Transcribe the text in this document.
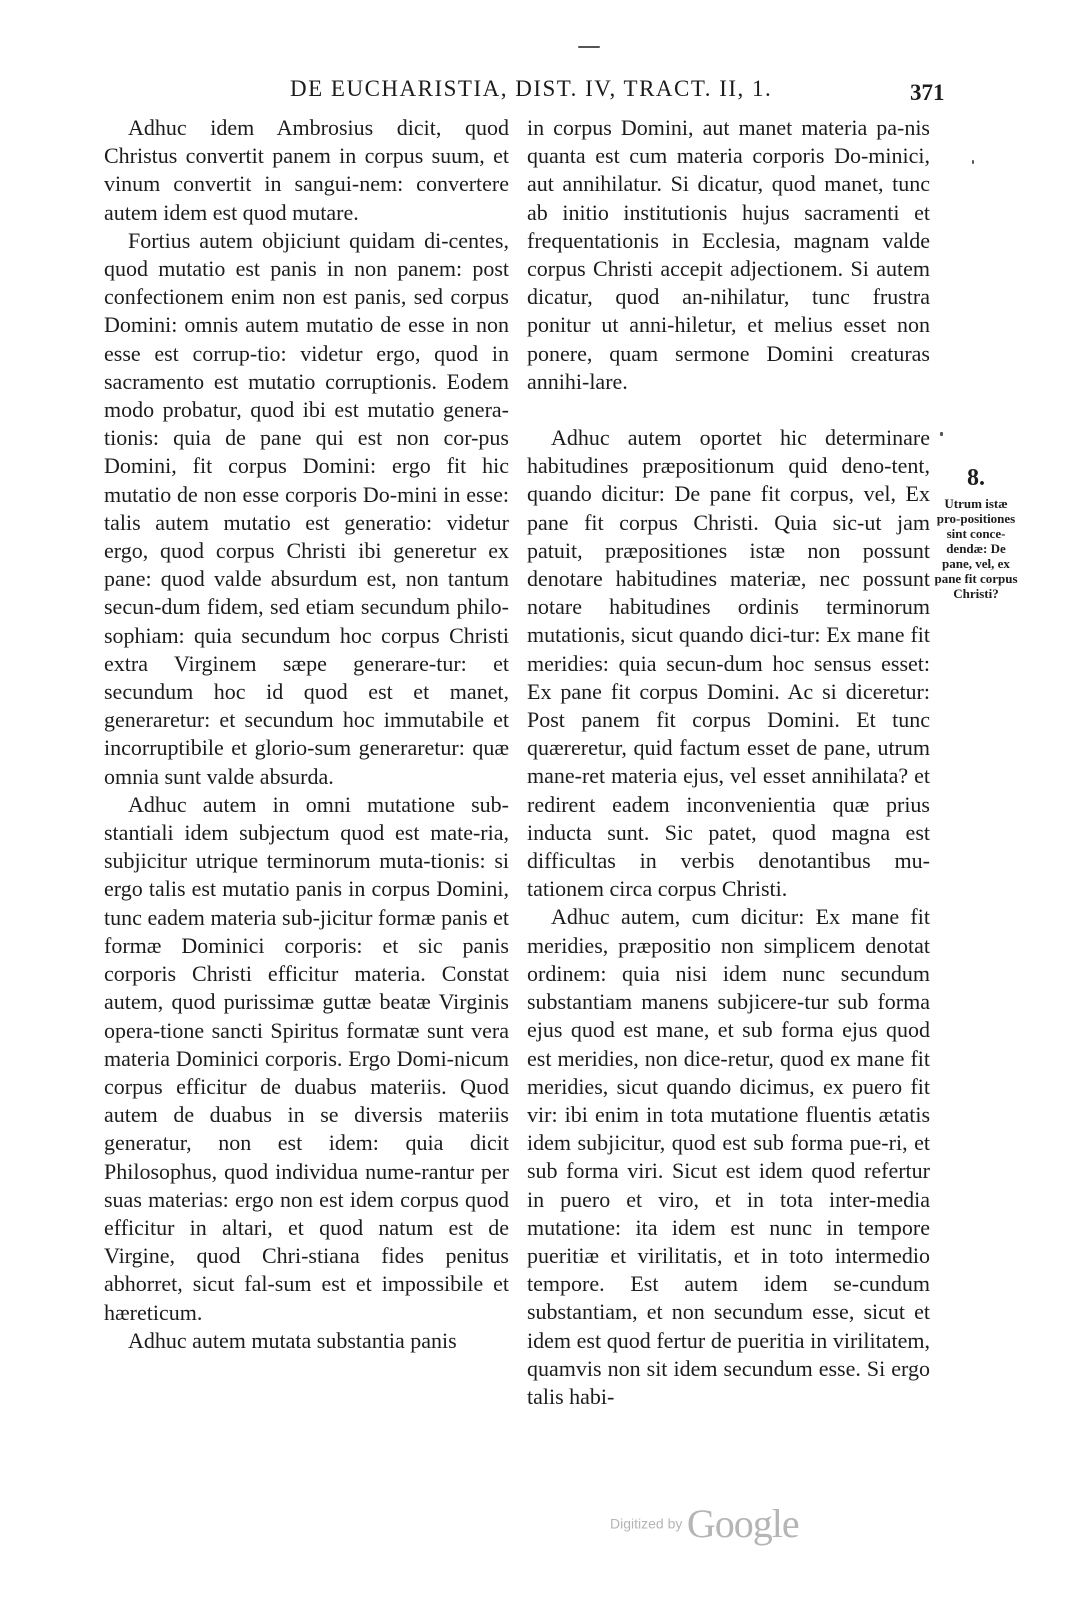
DE EUCHARISTIA, DIST. IV, TRACT. II, 1.	371

Adhuc idem Ambrosius dicit, quod Christus convertit panem in corpus suum, et vinum convertit in sangui-nem: convertere autem idem est quod mutare.

Fortius autem objiciunt quidam di-centes, quod mutatio est panis in non panem: post confectionem enim non est panis, sed corpus Domini: omnis autem mutatio de esse in non esse est corrup-tio: videtur ergo, quod in sacramento est mutatio corruptionis. Eodem modo probatur, quod ibi est mutatio genera-tionis: quia de pane qui est non cor-pus Domini, fit corpus Domini: ergo fit hic mutatio de non esse corporis Do-mini in esse: talis autem mutatio est generatio: videtur ergo, quod corpus Christi ibi generetur ex pane: quod valde absurdum est, non tantum secun-dum fidem, sed etiam secundum philo-sophiam: quia secundum hoc corpus Christi extra Virginem sæpe generare-tur: et secundum hoc id quod est et manet, generaretur: et secundum hoc immutabile et incorruptibile et glorio-sum generaretur: quæ omnia sunt valde absurda.

Adhuc autem in omni mutatione sub-stantiali idem subjectum quod est mate-ria, subjicitur utrique terminorum muta-tionis: si ergo talis est mutatio panis in corpus Domini, tunc eadem materia sub-jicitur formæ panis et formæ Dominici corporis: et sic panis corporis Christi efficitur materia. Constat autem, quod purissimæ guttæ beatæ Virginis opera-tione sancti Spiritus formatæ sunt vera materia Dominici corporis. Ergo Domi-nicum corpus efficitur de duabus materiis. Quod autem de duabus in se diversis materiis generatur, non est idem: quia dicit Philosophus, quod individua nume-rantur per suas materias: ergo non est idem corpus quod efficitur in altari, et quod natum est de Virgine, quod Chri-stiana fides penitus abhorret, sicut fal-sum est et impossibile et hæreticum.

Adhuc autem mutata substantia panis

in corpus Domini, aut manet materia pa-nis quanta est cum materia corporis Do-minici, aut annihilatur. Si dicatur, quod manet, tunc ab initio institutionis hujus sacramenti et frequentationis in Ecclesia, magnam valde corpus Christi accepit adjectionem. Si autem dicatur, quod an-nihilatur, tunc frustra ponitur ut anni-hiletur, et melius esset non ponere, quam sermone Domini creaturas annihi-lare.

Adhuc autem oportet hic determinare habitudines præpositionum quid deno-tent, quando dicitur: De pane fit corpus, vel, Ex pane fit corpus Christi. Quia sic-ut jam patuit, præpositiones istæ non possunt denotare habitudines materiæ, nec possunt notare habitudines ordinis terminorum mutationis, sicut quando dici-tur: Ex mane fit meridies: quia secun-dum hoc sensus esset: Ex pane fit corpus Domini. Ac si diceretur: Post panem fit corpus Domini. Et tunc quæreretur, quid factum esset de pane, utrum mane-ret materia ejus, vel esset annihilata? et redirent eadem inconvenientia quæ prius inducta sunt. Sic patet, quod magna est difficultas in verbis denotantibus mu-tationem circa corpus Christi.

Adhuc autem, cum dicitur: Ex mane fit meridies, præpositio non simplicem denotat ordinem: quia nisi idem nunc secundum substantiam manens subjicere-tur sub forma ejus quod est mane, et sub forma ejus quod est meridies, non dice-retur, quod ex mane fit meridies, sicut quando dicimus, ex puero fit vir: ibi enim in tota mutatione fluentis ætatis idem subjicitur, quod est sub forma pue-ri, et sub forma viri. Sicut est idem quod refertur in puero et viro, et in tota inter-media mutatione: ita idem est nunc in tempore pueritiæ et virilitatis, et in toto intermedio tempore. Est autem idem se-cundum substantiam, et non secundum esse, sicut et idem est quod fertur de pueritia in virilitatem, quamvis non sit idem secundum esse. Si ergo talis habi-

8.
Utrum istæ pro-positiones sint conce-dendæ: De pane, vel, ex pane fit corpus Christi?
Digitized by Google
